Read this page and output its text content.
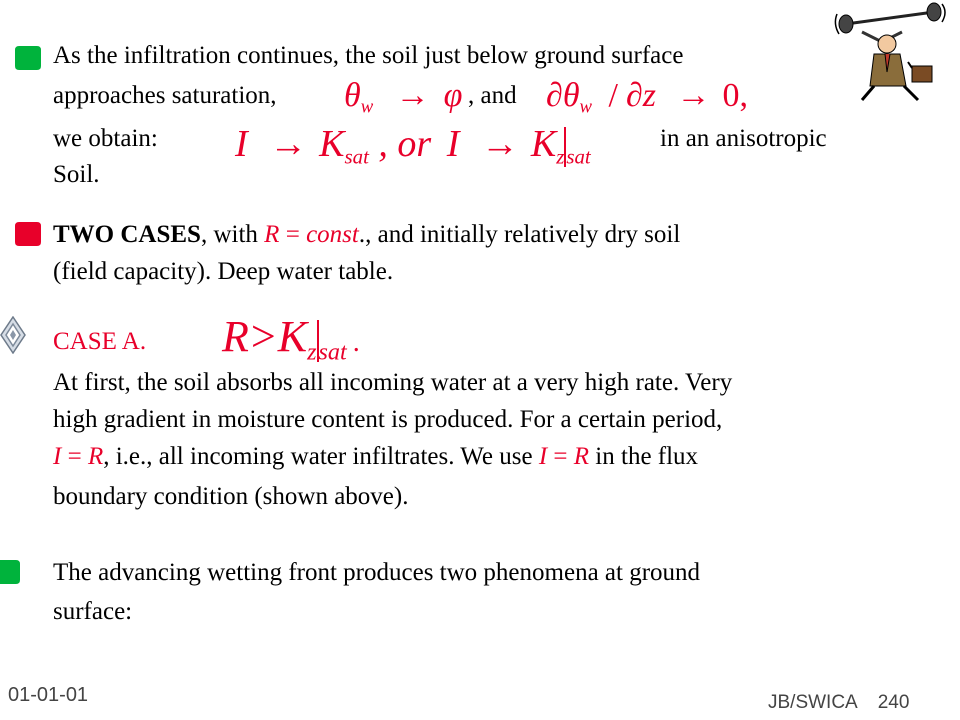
As the infiltration continues, the soil just below ground surface
approaches saturation, $\theta_w \to \varphi$ , and $\partial\theta_w / \partial z \to 0$,
we obtain: $I \to K_{sat}$ , or $I \to K_{zsat}$
in an anisotropic
Soil.
TWO CASES, with R = const., and initially relatively dry soil
(field capacity). Deep water table.
CASE A. $R>K_{zsat}$ .
At first, the soil absorbs all incoming water at a very high rate. Very
high gradient in moisture content is produced. For a certain period,
I = R, i.e., all incoming water infiltrates. We use I = R in the flux
boundary condition (shown above).
The advancing wetting front produces two phenomena at ground
surface:
01-01-01	JB/SWICA 240
